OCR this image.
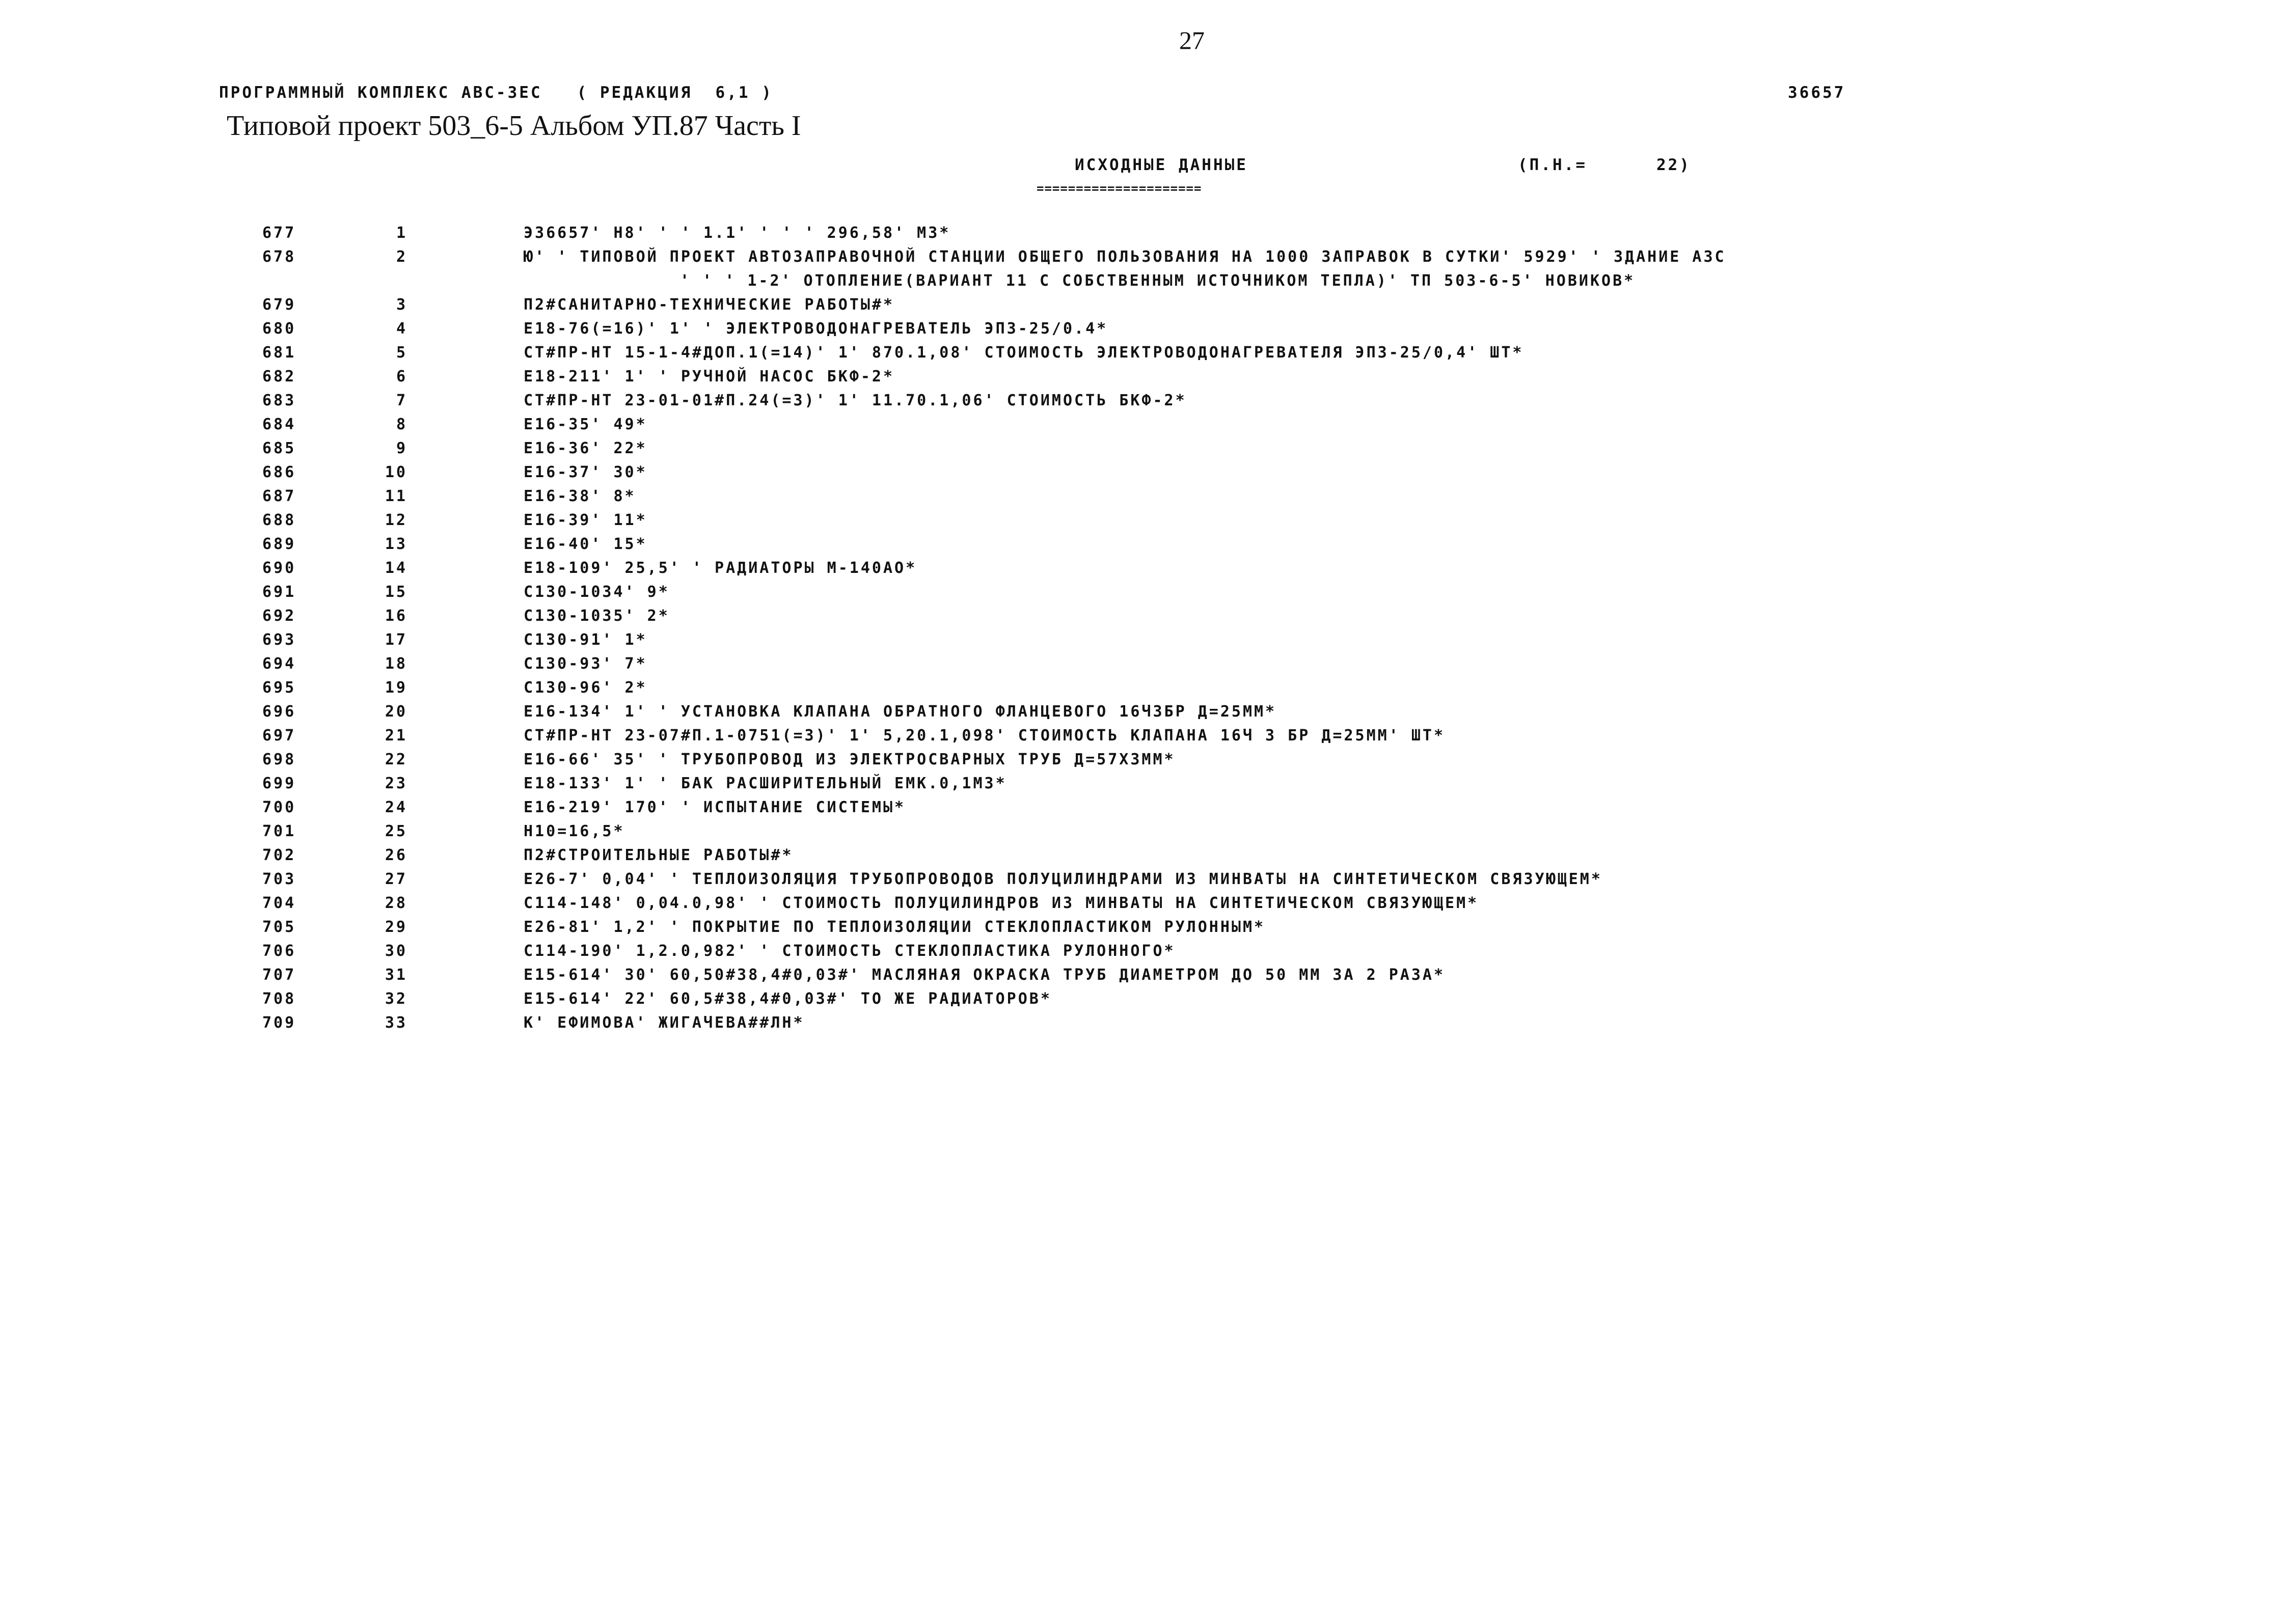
27
ПРОГРАММНЫЙ КОМПЛЕКС АВС-3ЕС   ( РЕДАКЦИЯ  6,1 )	36657
Типовой проект 503_6-5 Альбом УП.87 Часть I
ИСХОДНЫЕ ДАННЫЕ
=====================
(П.Н.=      22)
677	1	Э36657' Н8' ' ' 1.1' ' ' ' 296,58' М3*
678	2	Ю' ' ТИПОВОЙ ПРОЕКТ АВТОЗАПРАВОЧНОЙ СТАНЦИИ ОБЩЕГО ПОЛЬЗОВАНИЯ НА 1000 ЗАПРАВОК В СУТКИ' 5929' ' ЗДАНИЕ АЗС
' ' ' 1-2' ОТОПЛЕНИЕ(ВАРИАНТ 11 С СОБСТВЕННЫМ ИСТОЧНИКОМ ТЕПЛА)' ТП 503-6-5' НОВИКОВ*
679	3	П2#САНИТАРНО-ТЕХНИЧЕСКИЕ РАБОТЫ#*
680	4	Е18-76(=16)' 1' ' ЭЛЕКТРОВОДОНАГРЕВАТЕЛЬ ЭПЗ-25/0.4*
681	5	СТ#ПР-НТ 15-1-4#ДОП.1(=14)' 1' 870.1,08' СТОИМОСТЬ ЭЛЕКТРОВОДОНАГРЕВАТЕЛЯ ЭПЗ-25/0,4' ШТ*
682	6	Е18-211' 1' ' РУЧНОЙ НАСОС БКФ-2*
683	7	СТ#ПР-НТ 23-01-01#П.24(=3)' 1' 11.70.1,06' СТОИМОСТЬ БКФ-2*
684	8	Е16-35' 49*
685	9	Е16-36' 22*
686	10	Е16-37' 30*
687	11	Е16-38' 8*
688	12	Е16-39' 11*
689	13	Е16-40' 15*
690	14	Е18-109' 25,5' ' РАДИАТОРЫ М-140АО*
691	15	С130-1034' 9*
692	16	С130-1035' 2*
693	17	С130-91' 1*
694	18	С130-93' 7*
695	19	С130-96' 2*
696	20	Е16-134' 1' ' УСТАНОВКА КЛАПАНА ОБРАТНОГО ФЛАНЦЕВОГО 16Ч3БР Д=25ММ*
697	21	СТ#ПР-НТ 23-07#П.1-0751(=3)' 1' 5,20.1,098' СТОИМОСТЬ КЛАПАНА 16Ч 3 БР Д=25ММ' ШТ*
698	22	Е16-66' 35' ' ТРУБОПРОВОД ИЗ ЭЛЕКТРОСВАРНЫХ ТРУБ Д=57Х3ММ*
699	23	Е18-133' 1' ' БАК РАСШИРИТЕЛЬНЫЙ ЕМК.0,1М3*
700	24	Е16-219' 170' ' ИСПЫТАНИЕ СИСТЕМЫ*
701	25	Н10=16,5*
702	26	П2#СТРОИТЕЛЬНЫЕ РАБОТЫ#*
703	27	Е26-7' 0,04' ' ТЕПЛОИЗОЛЯЦИЯ ТРУБОПРОВОДОВ ПОЛУЦИЛИНДРАМИ ИЗ МИНВАТЫ НА СИНТЕТИЧЕСКОМ СВЯЗУЮЩЕМ*
704	28	С114-148' 0,04.0,98' ' СТОИМОСТЬ ПОЛУЦИЛИНДРОВ ИЗ МИНВАТЫ НА СИНТЕТИЧЕСКОМ СВЯЗУЮЩЕМ*
705	29	Е26-81' 1,2' ' ПОКРЫТИЕ ПО ТЕПЛОИЗОЛЯЦИИ СТЕКЛОПЛАСТИКОМ РУЛОННЫМ*
706	30	С114-190' 1,2.0,982' ' СТОИМОСТЬ СТЕКЛОПЛАСТИКА РУЛОННОГО*
707	31	Е15-614' 30' 60,50#38,4#0,03#' МАСЛЯНАЯ ОКРАСКА ТРУБ ДИАМЕТРОМ ДО 50 ММ ЗА 2 РАЗА*
708	32	Е15-614' 22' 60,5#38,4#0,03#' ТО ЖЕ РАДИАТОРОВ*
709	33	К' ЕФИМОВА' ЖИГАЧЕВА##ЛН*
